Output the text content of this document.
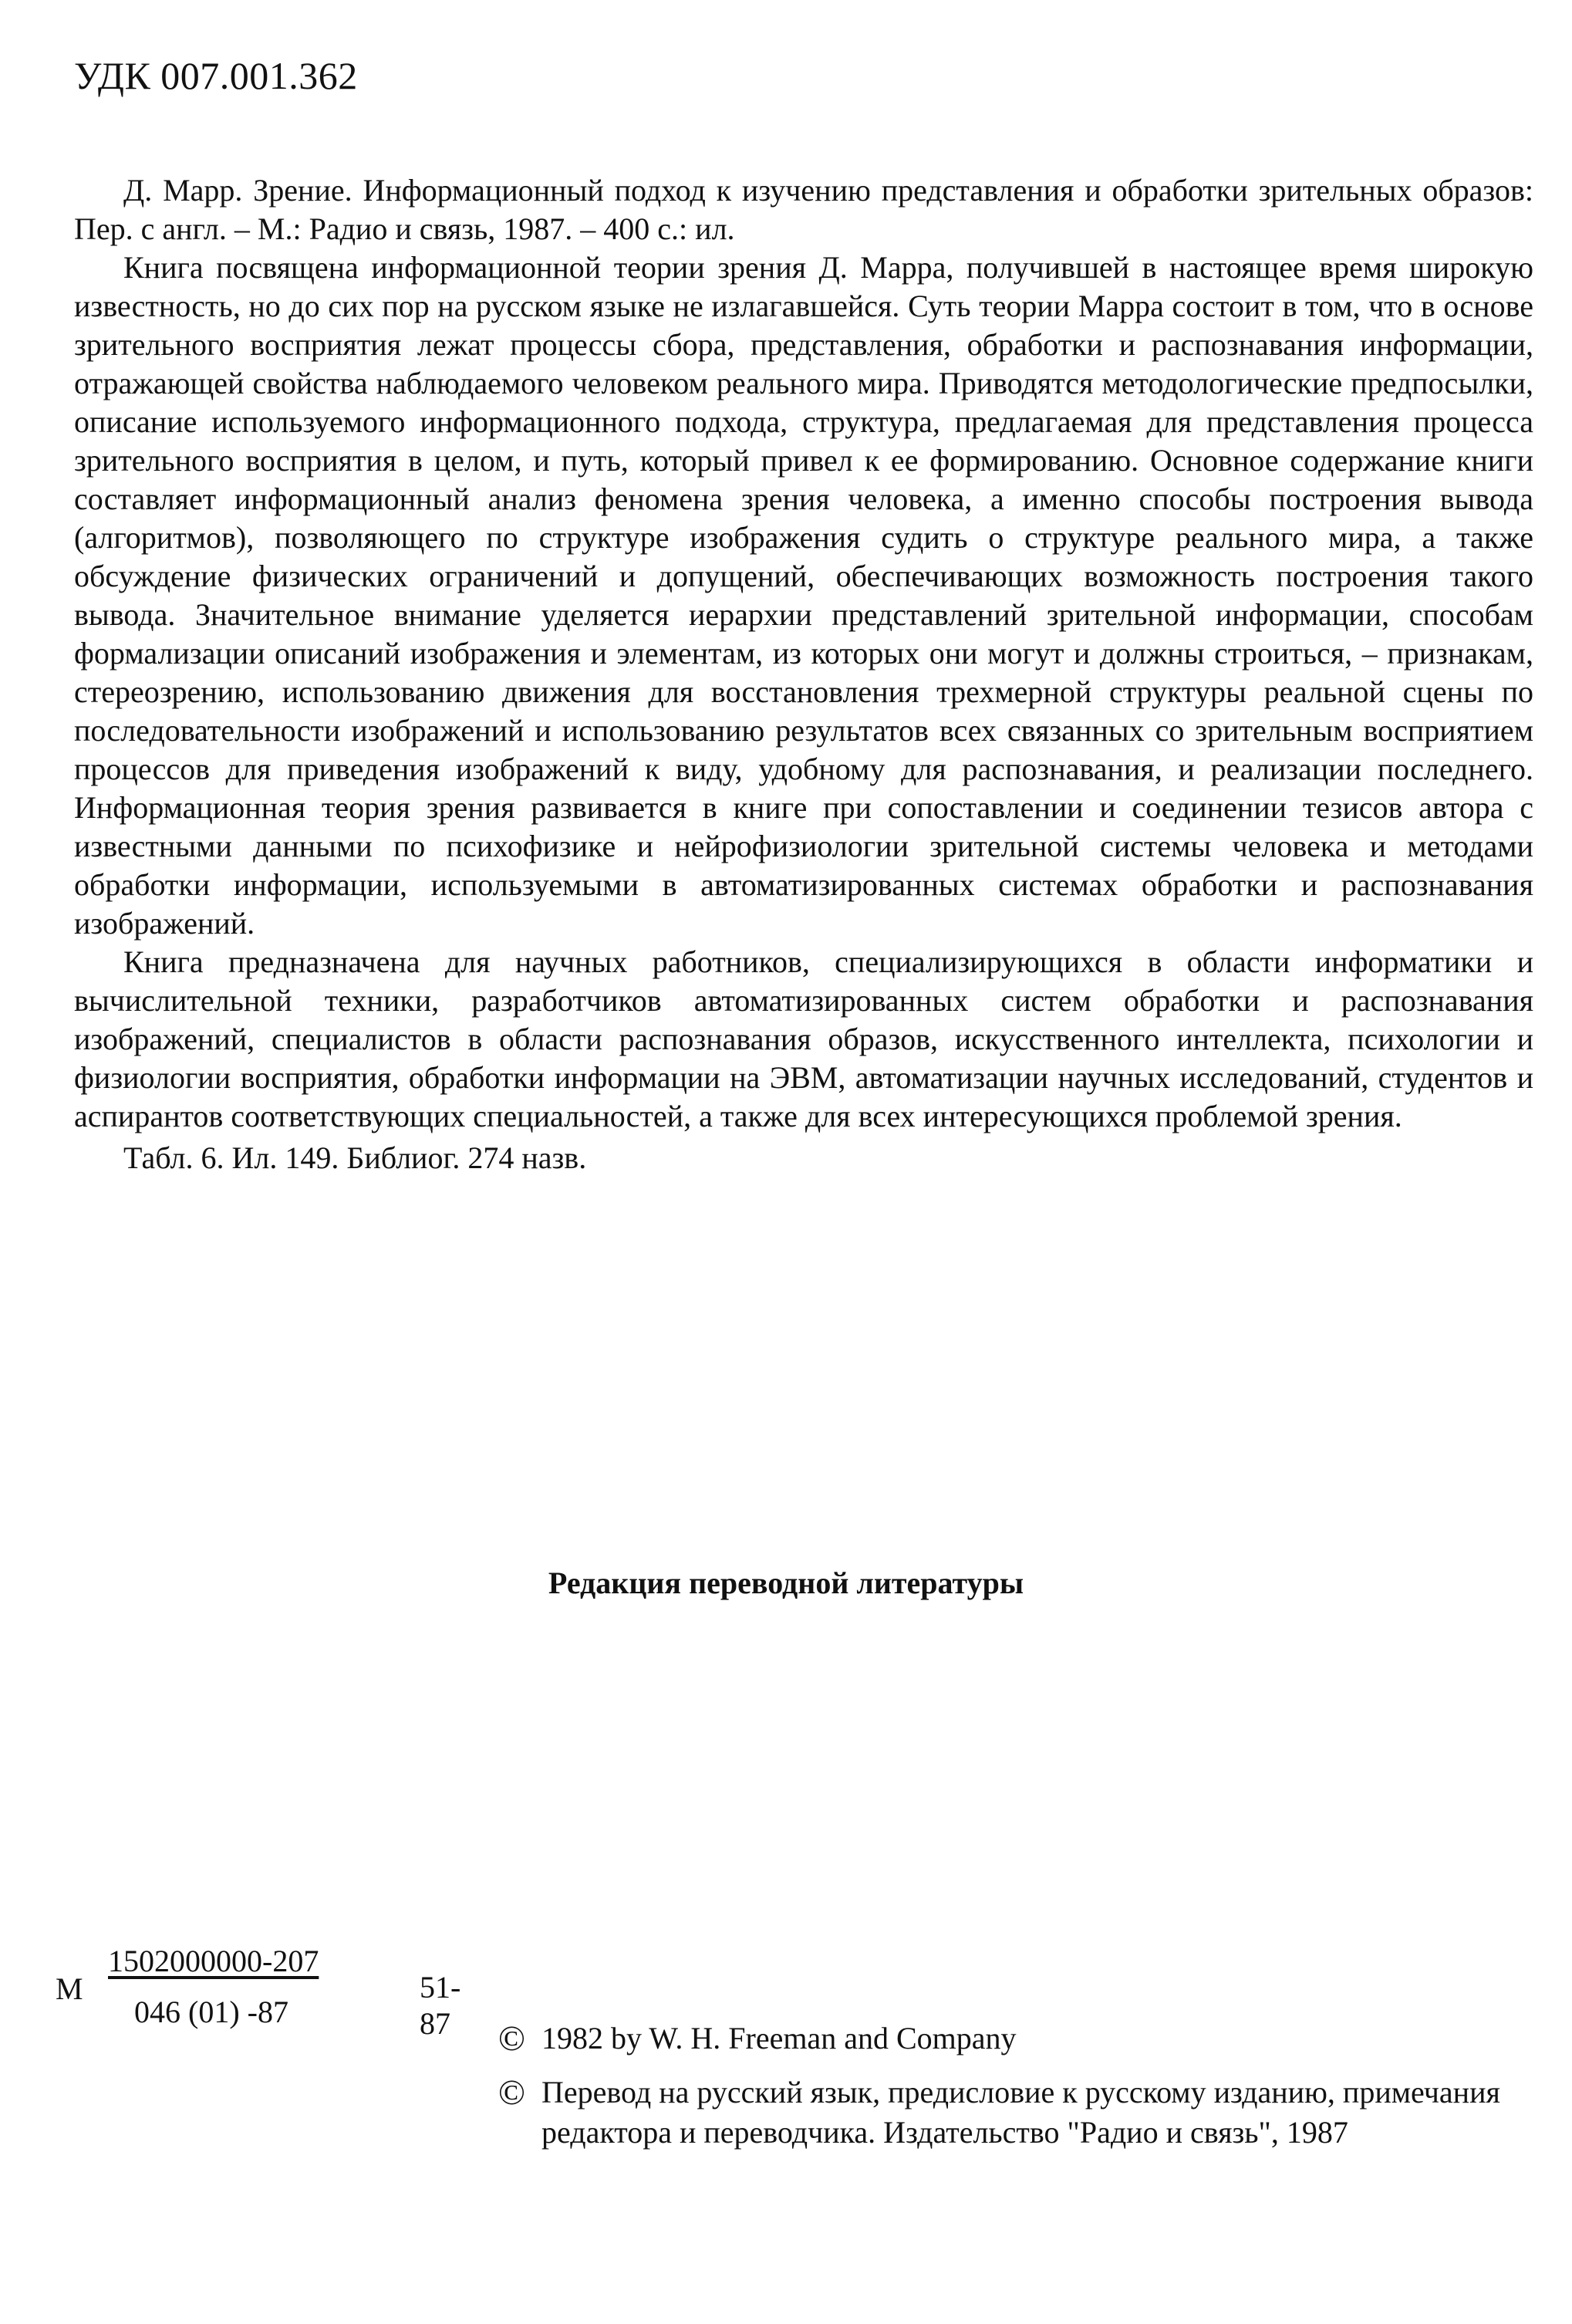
УДК 007.001.362

Д. Марр. Зрение. Информационный подход к изучению представления и обработки зрительных образов: Пер. с англ. – М.: Радио и связь, 1987. – 400 с.: ил.

Книга посвящена информационной теории зрения Д. Марра, получившей в настоящее время широкую известность, но до сих пор на русском языке не излагавшейся. Суть теории Марра состоит в том, что в основе зрительного восприятия лежат процессы сбора, представления, обработки и распознавания информации, отражающей свойства наблюдаемого человеком реального мира. Приводятся методологические предпосылки, описание используемого информационного подхода, структура, предлагаемая для представления процесса зрительного восприятия в целом, и путь, который привел к ее формированию. Основное содержание книги составляет информационный анализ феномена зрения человека, а именно способы построения вывода (алгоритмов), позволяющего по структуре изображения судить о структуре реального мира, а также обсуждение физических ограничений и допущений, обеспечивающих возможность построения такого вывода. Значительное внимание уделяется иерархии представлений зрительной информации, способам формализации описаний изображения и элементам, из которых они могут и должны строиться, – признакам, стереозрению, использованию движения для восстановления трехмерной структуры реальной сцены по последовательности изображений и использованию результатов всех связанных со зрительным восприятием процессов для приведения изображений к виду, удобному для распознавания, и реализации последнего. Информационная теория зрения развивается в книге при сопоставлении и соединении тезисов автора с известными данными по психофизике и нейрофизиологии зрительной системы человека и методами обработки информации, используемыми в автоматизированных системах обработки и распознавания изображений.

Книга предназначена для научных работников, специализирующихся в области информатики и вычислительной техники, разработчиков автоматизированных систем обработки и распознавания изображений, специалистов в области распознавания образов, искусственного интеллекта, психологии и физиологии восприятия, обработки информации на ЭВМ, автоматизации научных исследований, студентов и аспирантов соответствующих специальностей, а также для всех интересующихся проблемой зрения.

Табл. 6. Ил. 149. Библиог. 274 назв.

Редакция переводной литературы
М
1502000000-207
046 (01) -87
51-87	© 1982 by W. H. Freeman and Company
© Перевод на русский язык, предисловие к русскому изданию, примечания редактора и переводчика. Издательство "Радио и связь", 1987
